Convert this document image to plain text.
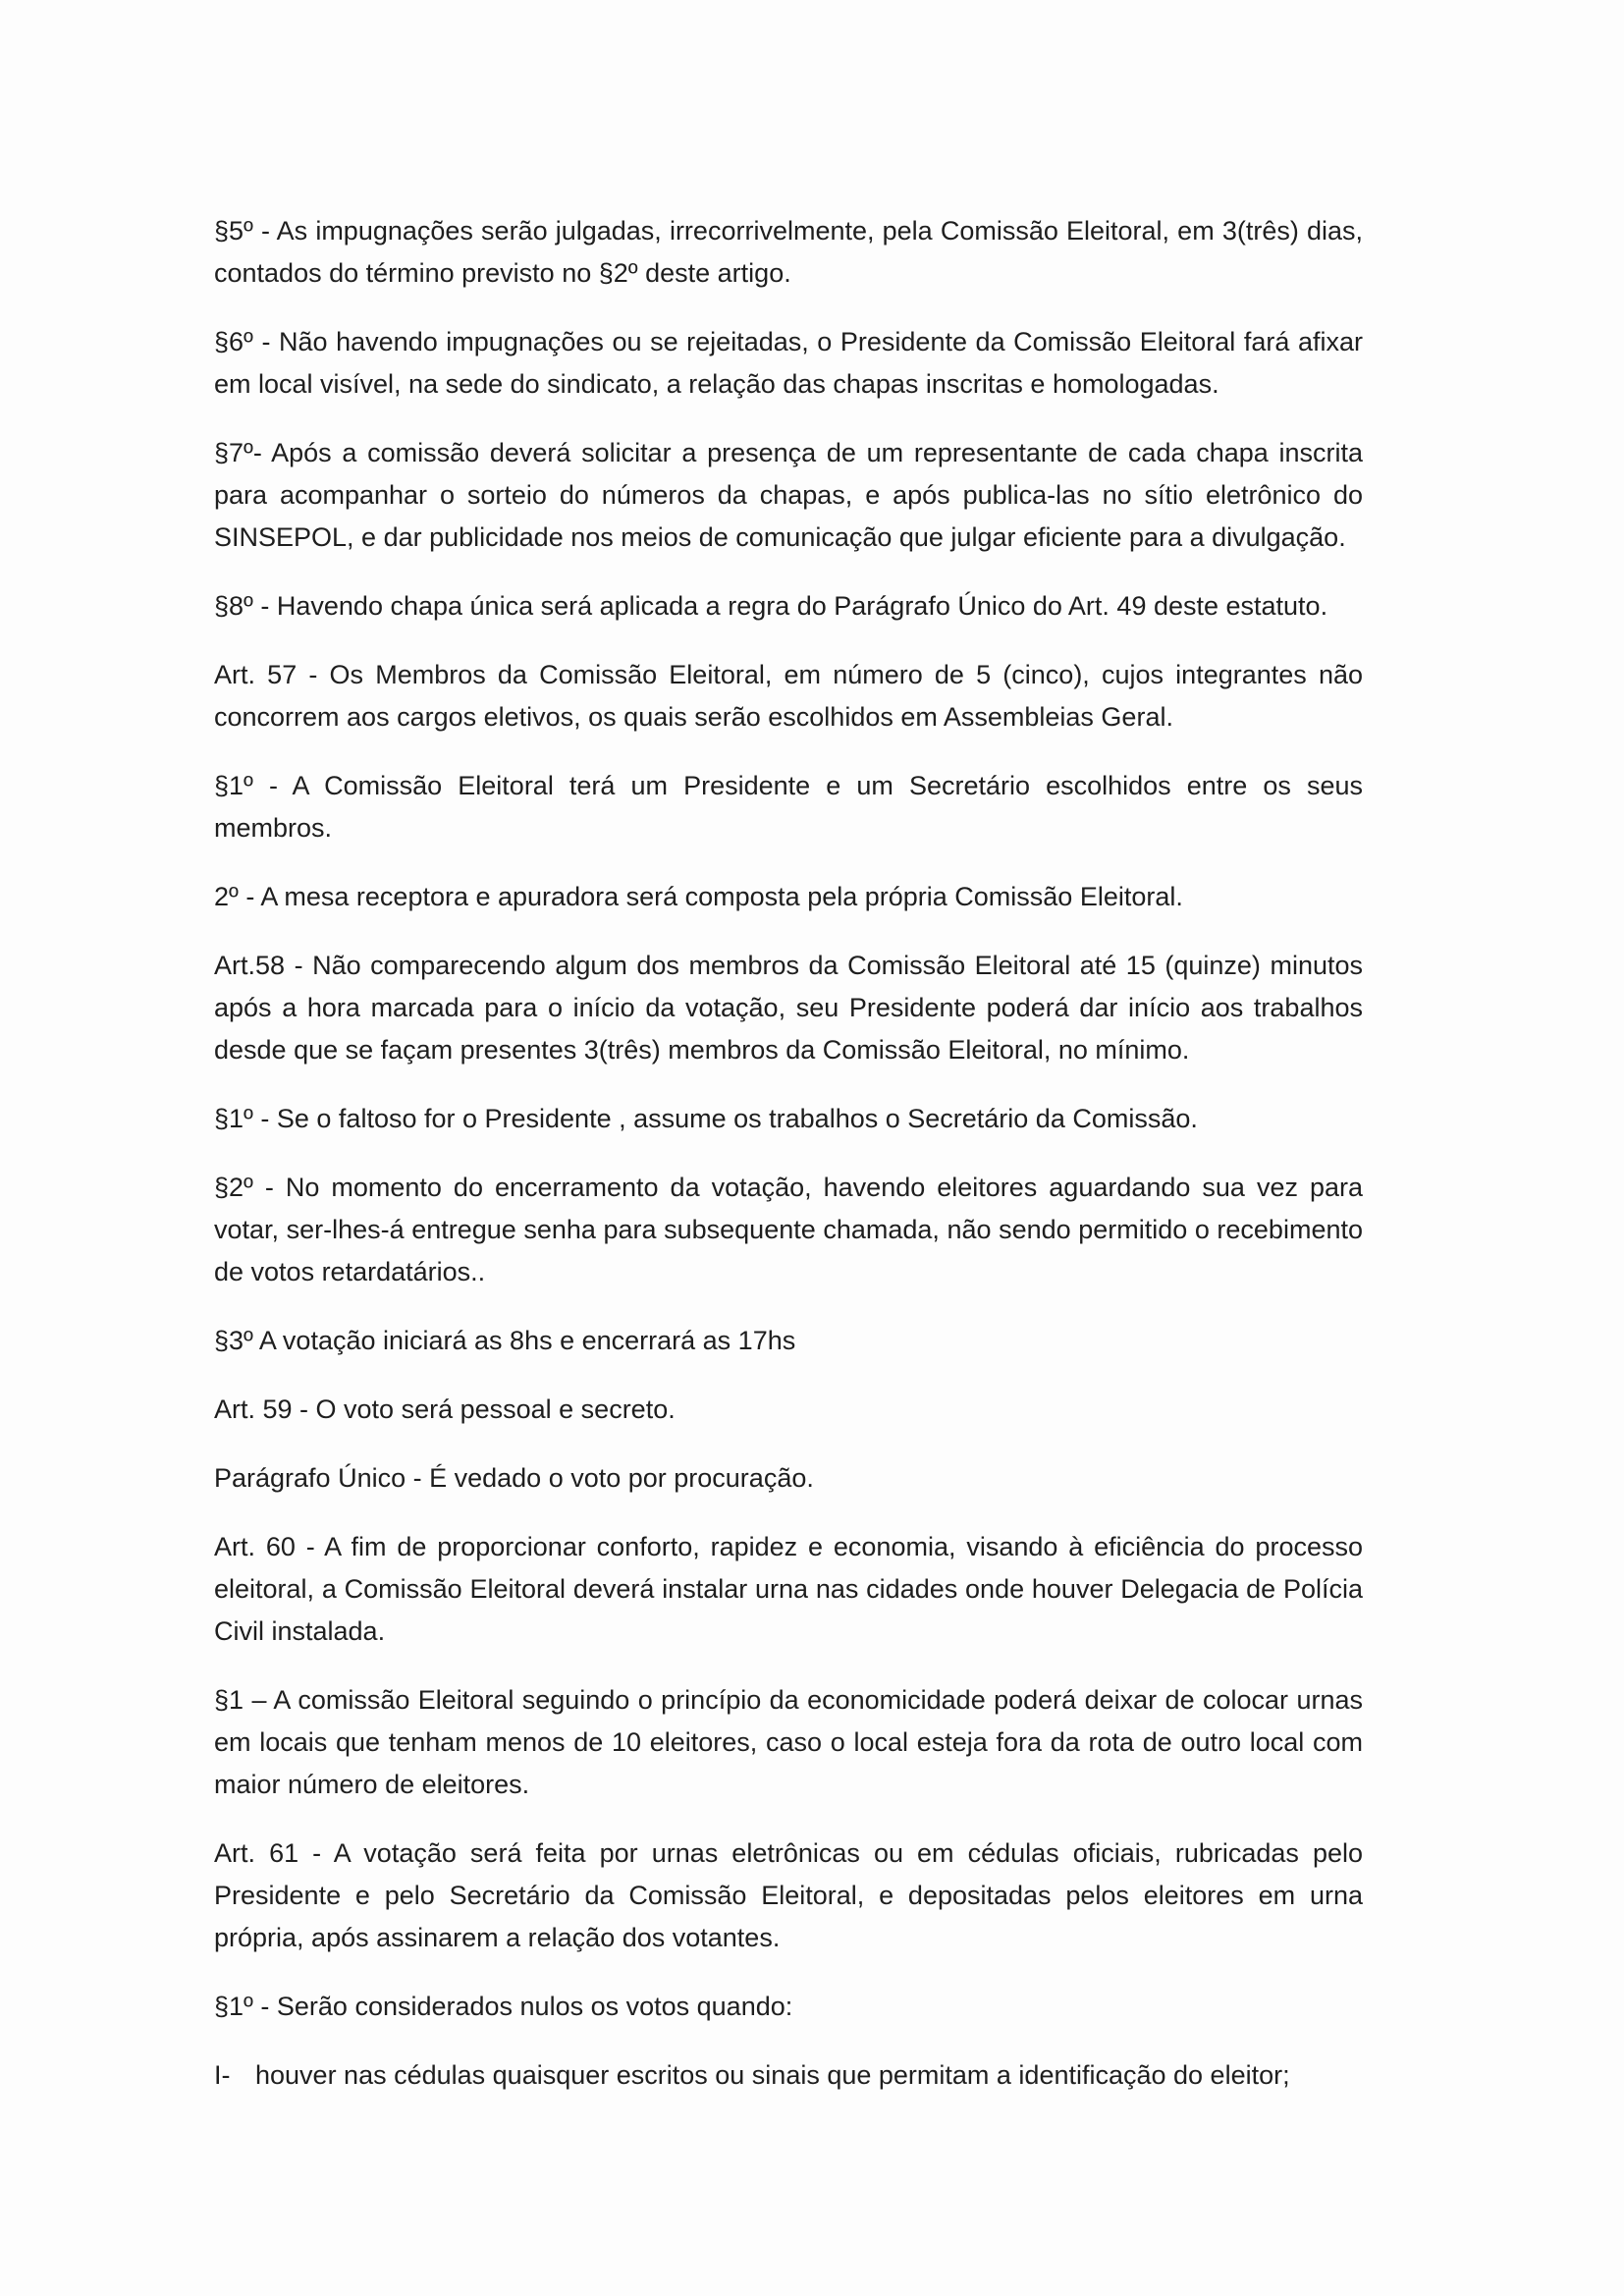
§5º - As impugnações serão julgadas, irrecorrivelmente, pela Comissão Eleitoral, em 3(três) dias, contados do término previsto no §2º deste artigo.

§6º - Não havendo impugnações ou se rejeitadas, o Presidente da Comissão Eleitoral fará afixar em local visível, na sede do sindicato, a relação das chapas inscritas e homologadas.

§7º- Após a comissão deverá solicitar a presença de um representante de cada chapa inscrita para acompanhar o sorteio do números da chapas, e após publica-las no sítio eletrônico do SINSEPOL, e dar publicidade nos meios de comunicação que julgar eficiente para a divulgação.

§8º - Havendo chapa única será aplicada a regra do Parágrafo Único do Art. 49 deste estatuto.

Art. 57 - Os Membros da Comissão Eleitoral, em número de 5 (cinco), cujos integrantes não concorrem aos cargos eletivos, os quais serão escolhidos em Assembleias Geral.

§1º - A Comissão Eleitoral terá um Presidente e um Secretário escolhidos entre os seus membros.

2º - A mesa receptora e apuradora será composta pela própria Comissão Eleitoral.

Art.58 - Não comparecendo algum dos membros da Comissão Eleitoral até 15 (quinze) minutos após a hora marcada para o início da votação, seu Presidente poderá dar início aos trabalhos desde que se façam presentes 3(três) membros da Comissão Eleitoral, no mínimo.

§1º - Se o faltoso for o Presidente , assume os trabalhos o Secretário da Comissão.

§2º - No momento do encerramento da votação, havendo eleitores aguardando sua vez para votar, ser-lhes-á entregue senha para subsequente chamada, não sendo permitido o recebimento de votos retardatários..

§3º A votação iniciará as 8hs e encerrará as 17hs

Art. 59 - O voto será pessoal e secreto.

Parágrafo Único - É vedado o voto por procuração.

Art. 60 - A fim de proporcionar conforto, rapidez e economia, visando à eficiência do processo eleitoral, a Comissão Eleitoral deverá instalar urna nas cidades onde houver Delegacia de Polícia Civil instalada.

§1 – A comissão Eleitoral seguindo o princípio da economicidade poderá deixar de colocar urnas em locais que tenham menos de 10 eleitores, caso o local esteja fora da rota de outro local com maior número de eleitores.

Art. 61 - A votação será feita por urnas eletrônicas ou em cédulas oficiais, rubricadas pelo Presidente e pelo Secretário da Comissão Eleitoral, e depositadas pelos eleitores em urna própria, após assinarem a relação dos votantes.

§1º - Serão considerados nulos os votos quando:

I- houver nas cédulas quaisquer escritos ou sinais que permitam a identificação do eleitor;
